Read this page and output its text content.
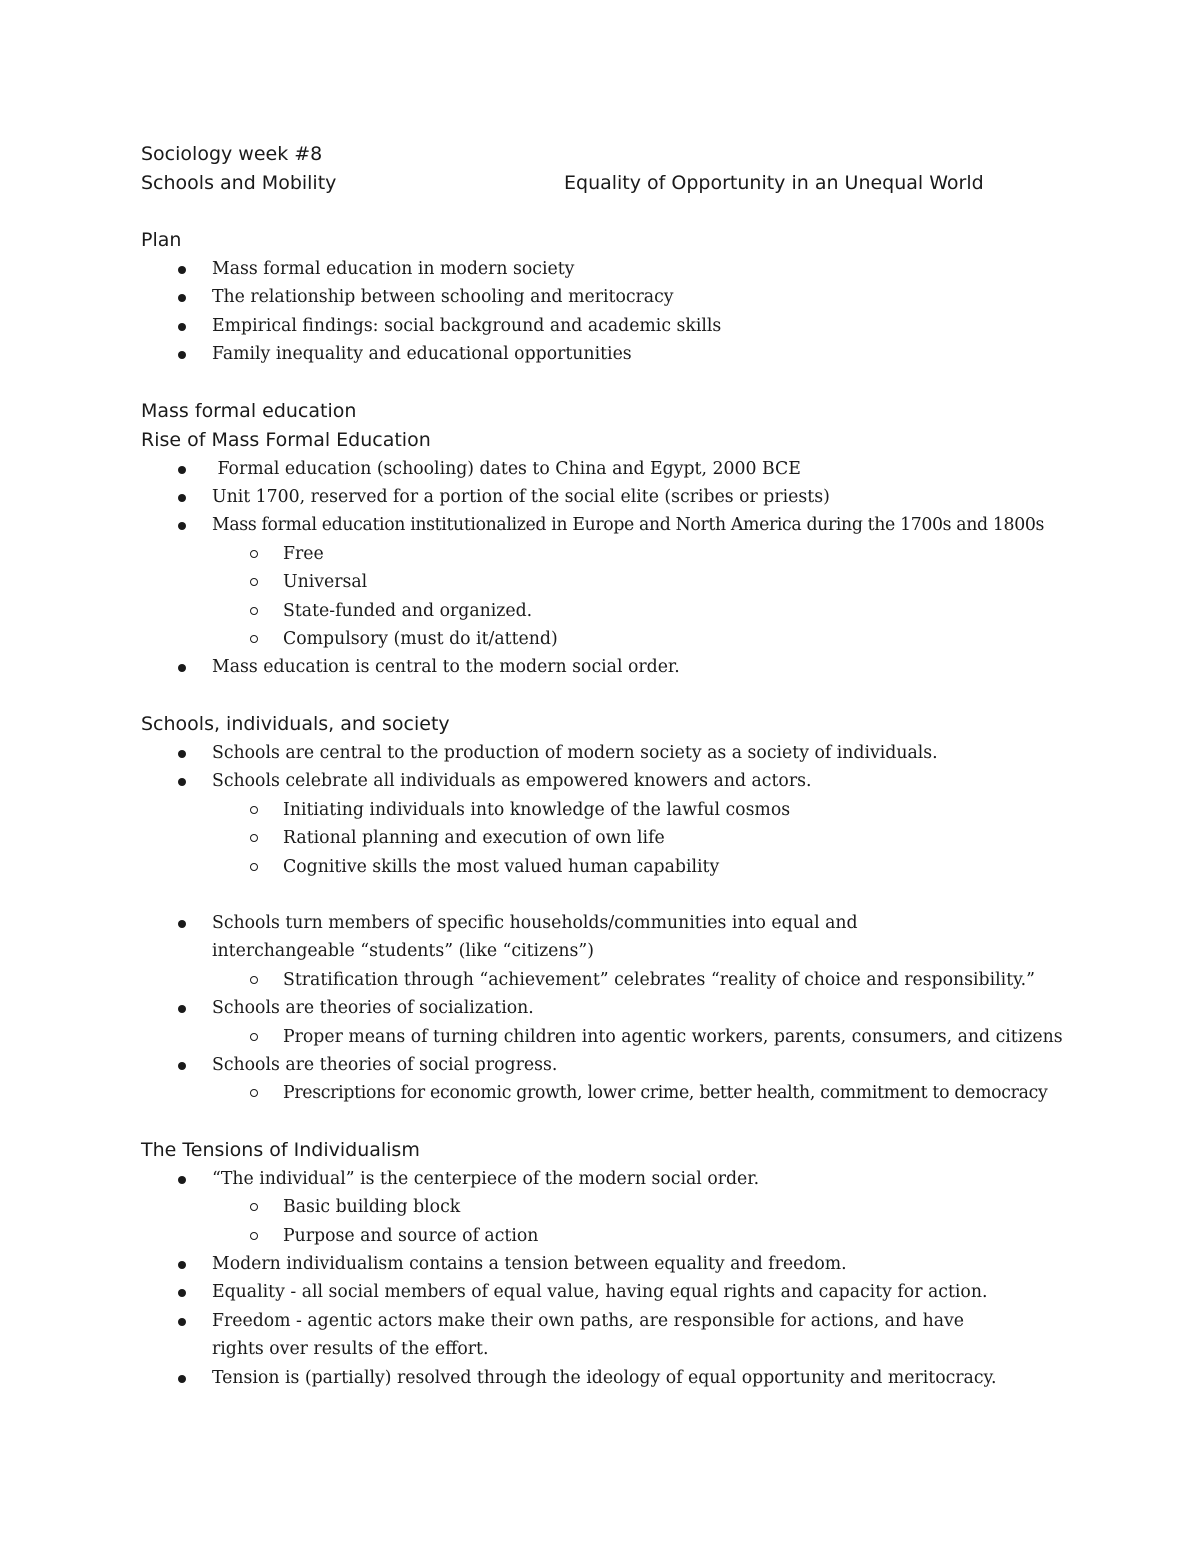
Sociology week #8
Schools and Mobility	Equality of Opportunity in an Unequal World
Plan
Mass formal education in modern society
The relationship between schooling and meritocracy
Empirical findings: social background and academic skills
Family inequality and educational opportunities
Mass formal education
Rise of Mass Formal Education
Formal education (schooling) dates to China and Egypt, 2000 BCE
Unit 1700, reserved for a portion of the social elite (scribes or priests)
Mass formal education institutionalized in Europe and North America during the 1700s and 1800s
Free
Universal
State-funded and organized.
Compulsory (must do it/attend)
Mass education is central to the modern social order.
Schools, individuals, and society
Schools are central to the production of modern society as a society of individuals.
Schools celebrate all individuals as empowered knowers and actors.
Initiating individuals into knowledge of the lawful cosmos
Rational planning and execution of own life
Cognitive skills the most valued human capability
Schools turn members of specific households/communities into equal and interchangeable “students” (like “citizens”)
Stratification through “achievement” celebrates “reality of choice and responsibility.”
Schools are theories of socialization.
Proper means of turning children into agentic workers, parents, consumers, and citizens
Schools are theories of social progress.
Prescriptions for economic growth, lower crime, better health, commitment to democracy
The Tensions of Individualism
“The individual” is the centerpiece of the modern social order.
Basic building block
Purpose and source of action
Modern individualism contains a tension between equality and freedom.
Equality - all social members of equal value, having equal rights and capacity for action.
Freedom - agentic actors make their own paths, are responsible for actions, and have rights over results of the effort.
Tension is (partially) resolved through the ideology of equal opportunity and meritocracy.
